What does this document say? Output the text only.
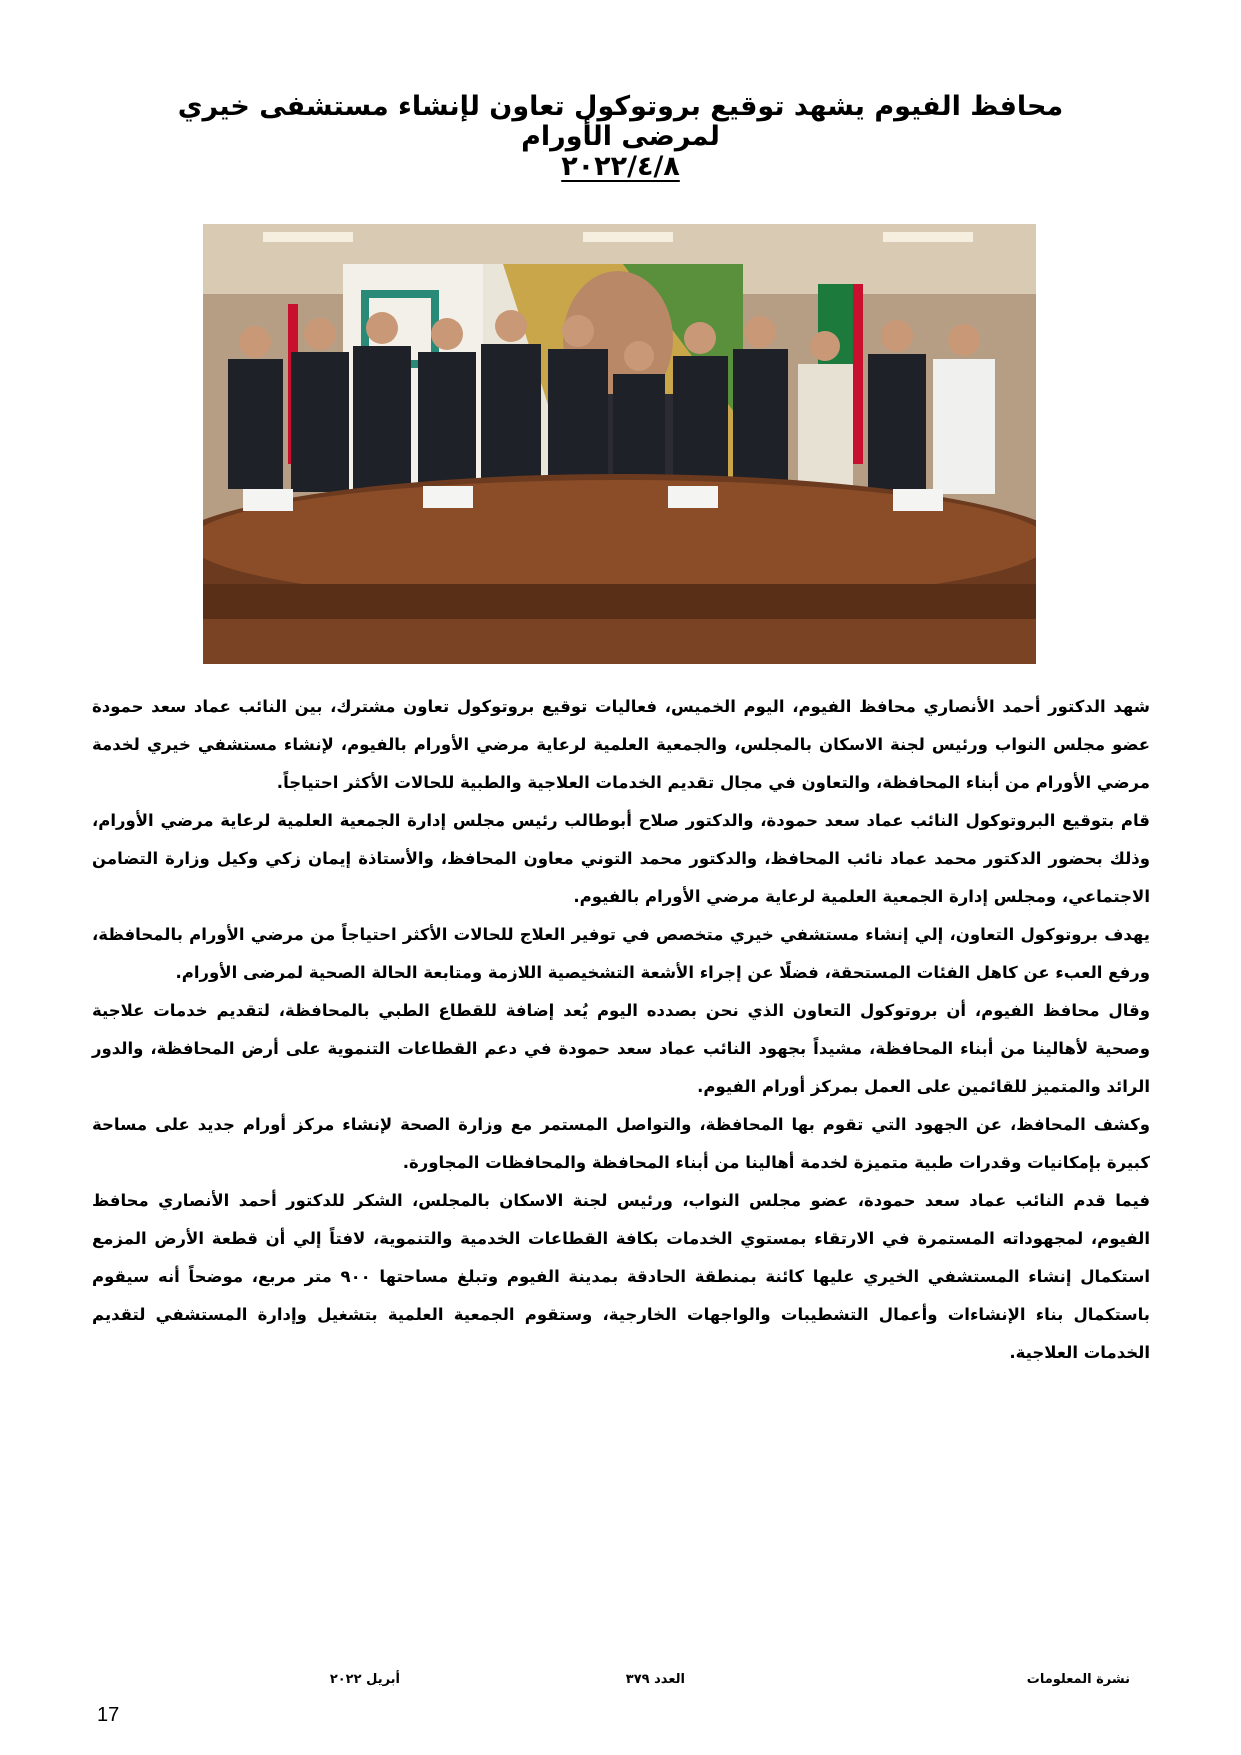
محافظ الفيوم يشهد توقيع بروتوكول تعاون لإنشاء مستشفى خيري
لمرضى الأورام
٢٠٢٢/٤/٨

شهد الدكتور أحمد الأنصاري محافظ الفيوم، اليوم الخميس، فعاليات توقيع بروتوكول تعاون مشترك، بين النائب عماد سعد حمودة عضو مجلس النواب ورئيس لجنة الاسكان بالمجلس، والجمعية العلمية لرعاية مرضي الأورام بالفيوم، لإنشاء مستشفي خيري لخدمة مرضي الأورام من أبناء المحافظة، والتعاون في مجال تقديم الخدمات العلاجية والطبية للحالات الأكثر احتياجاً.

قام بتوقيع البروتوكول النائب عماد سعد حمودة، والدكتور صلاح أبوطالب رئيس مجلس إدارة الجمعية العلمية لرعاية مرضي الأورام، وذلك بحضور الدكتور محمد عماد نائب المحافظ، والدكتور محمد التوني معاون المحافظ، والأستاذة إيمان زكي وكيل وزارة التضامن الاجتماعي، ومجلس إدارة الجمعية العلمية لرعاية مرضي الأورام بالفيوم.

يهدف بروتوكول التعاون، إلي إنشاء مستشفي خيري متخصص في توفير العلاج للحالات الأكثر احتياجاً من مرضي الأورام بالمحافظة، ورفع العبء عن كاهل الفئات المستحقة، فضلًا عن إجراء الأشعة التشخيصية اللازمة ومتابعة الحالة الصحية لمرضى الأورام.

وقال محافظ الفيوم، أن بروتوكول التعاون الذي نحن بصدده اليوم يُعد إضافة للقطاع الطبي بالمحافظة، لتقديم خدمات علاجية وصحية لأهالينا من أبناء المحافظة، مشيداً بجهود النائب عماد سعد حمودة في دعم القطاعات التنموية على أرض المحافظة، والدور الرائد والمتميز للقائمين على العمل بمركز أورام الفيوم.

وكشف المحافظ، عن الجهود التي تقوم بها المحافظة، والتواصل المستمر مع وزارة الصحة لإنشاء مركز أورام جديد على مساحة كبيرة بإمكانيات وقدرات طبية متميزة لخدمة أهالينا من أبناء المحافظة والمحافظات المجاورة.

فيما قدم النائب عماد سعد حمودة، عضو مجلس النواب، ورئيس لجنة الاسكان بالمجلس، الشكر للدكتور أحمد الأنصاري محافظ الفيوم، لمجهوداته المستمرة في الارتقاء بمستوي الخدمات بكافة القطاعات الخدمية والتنموية، لافتاً إلي أن قطعة الأرض المزمع استكمال إنشاء المستشفي الخيري عليها كائنة بمنطقة الحادقة بمدينة الفيوم وتبلغ مساحتها ٩٠٠ متر مربع، موضحاً أنه سيقوم باستكمال بناء الإنشاءات وأعمال التشطيبات والواجهات الخارجية، وستقوم الجمعية العلمية بتشغيل وإدارة المستشفي لتقديم الخدمات العلاجية.

نشرة المعلومات
العدد ٣٧٩
أبريل ٢٠٢٢
17
